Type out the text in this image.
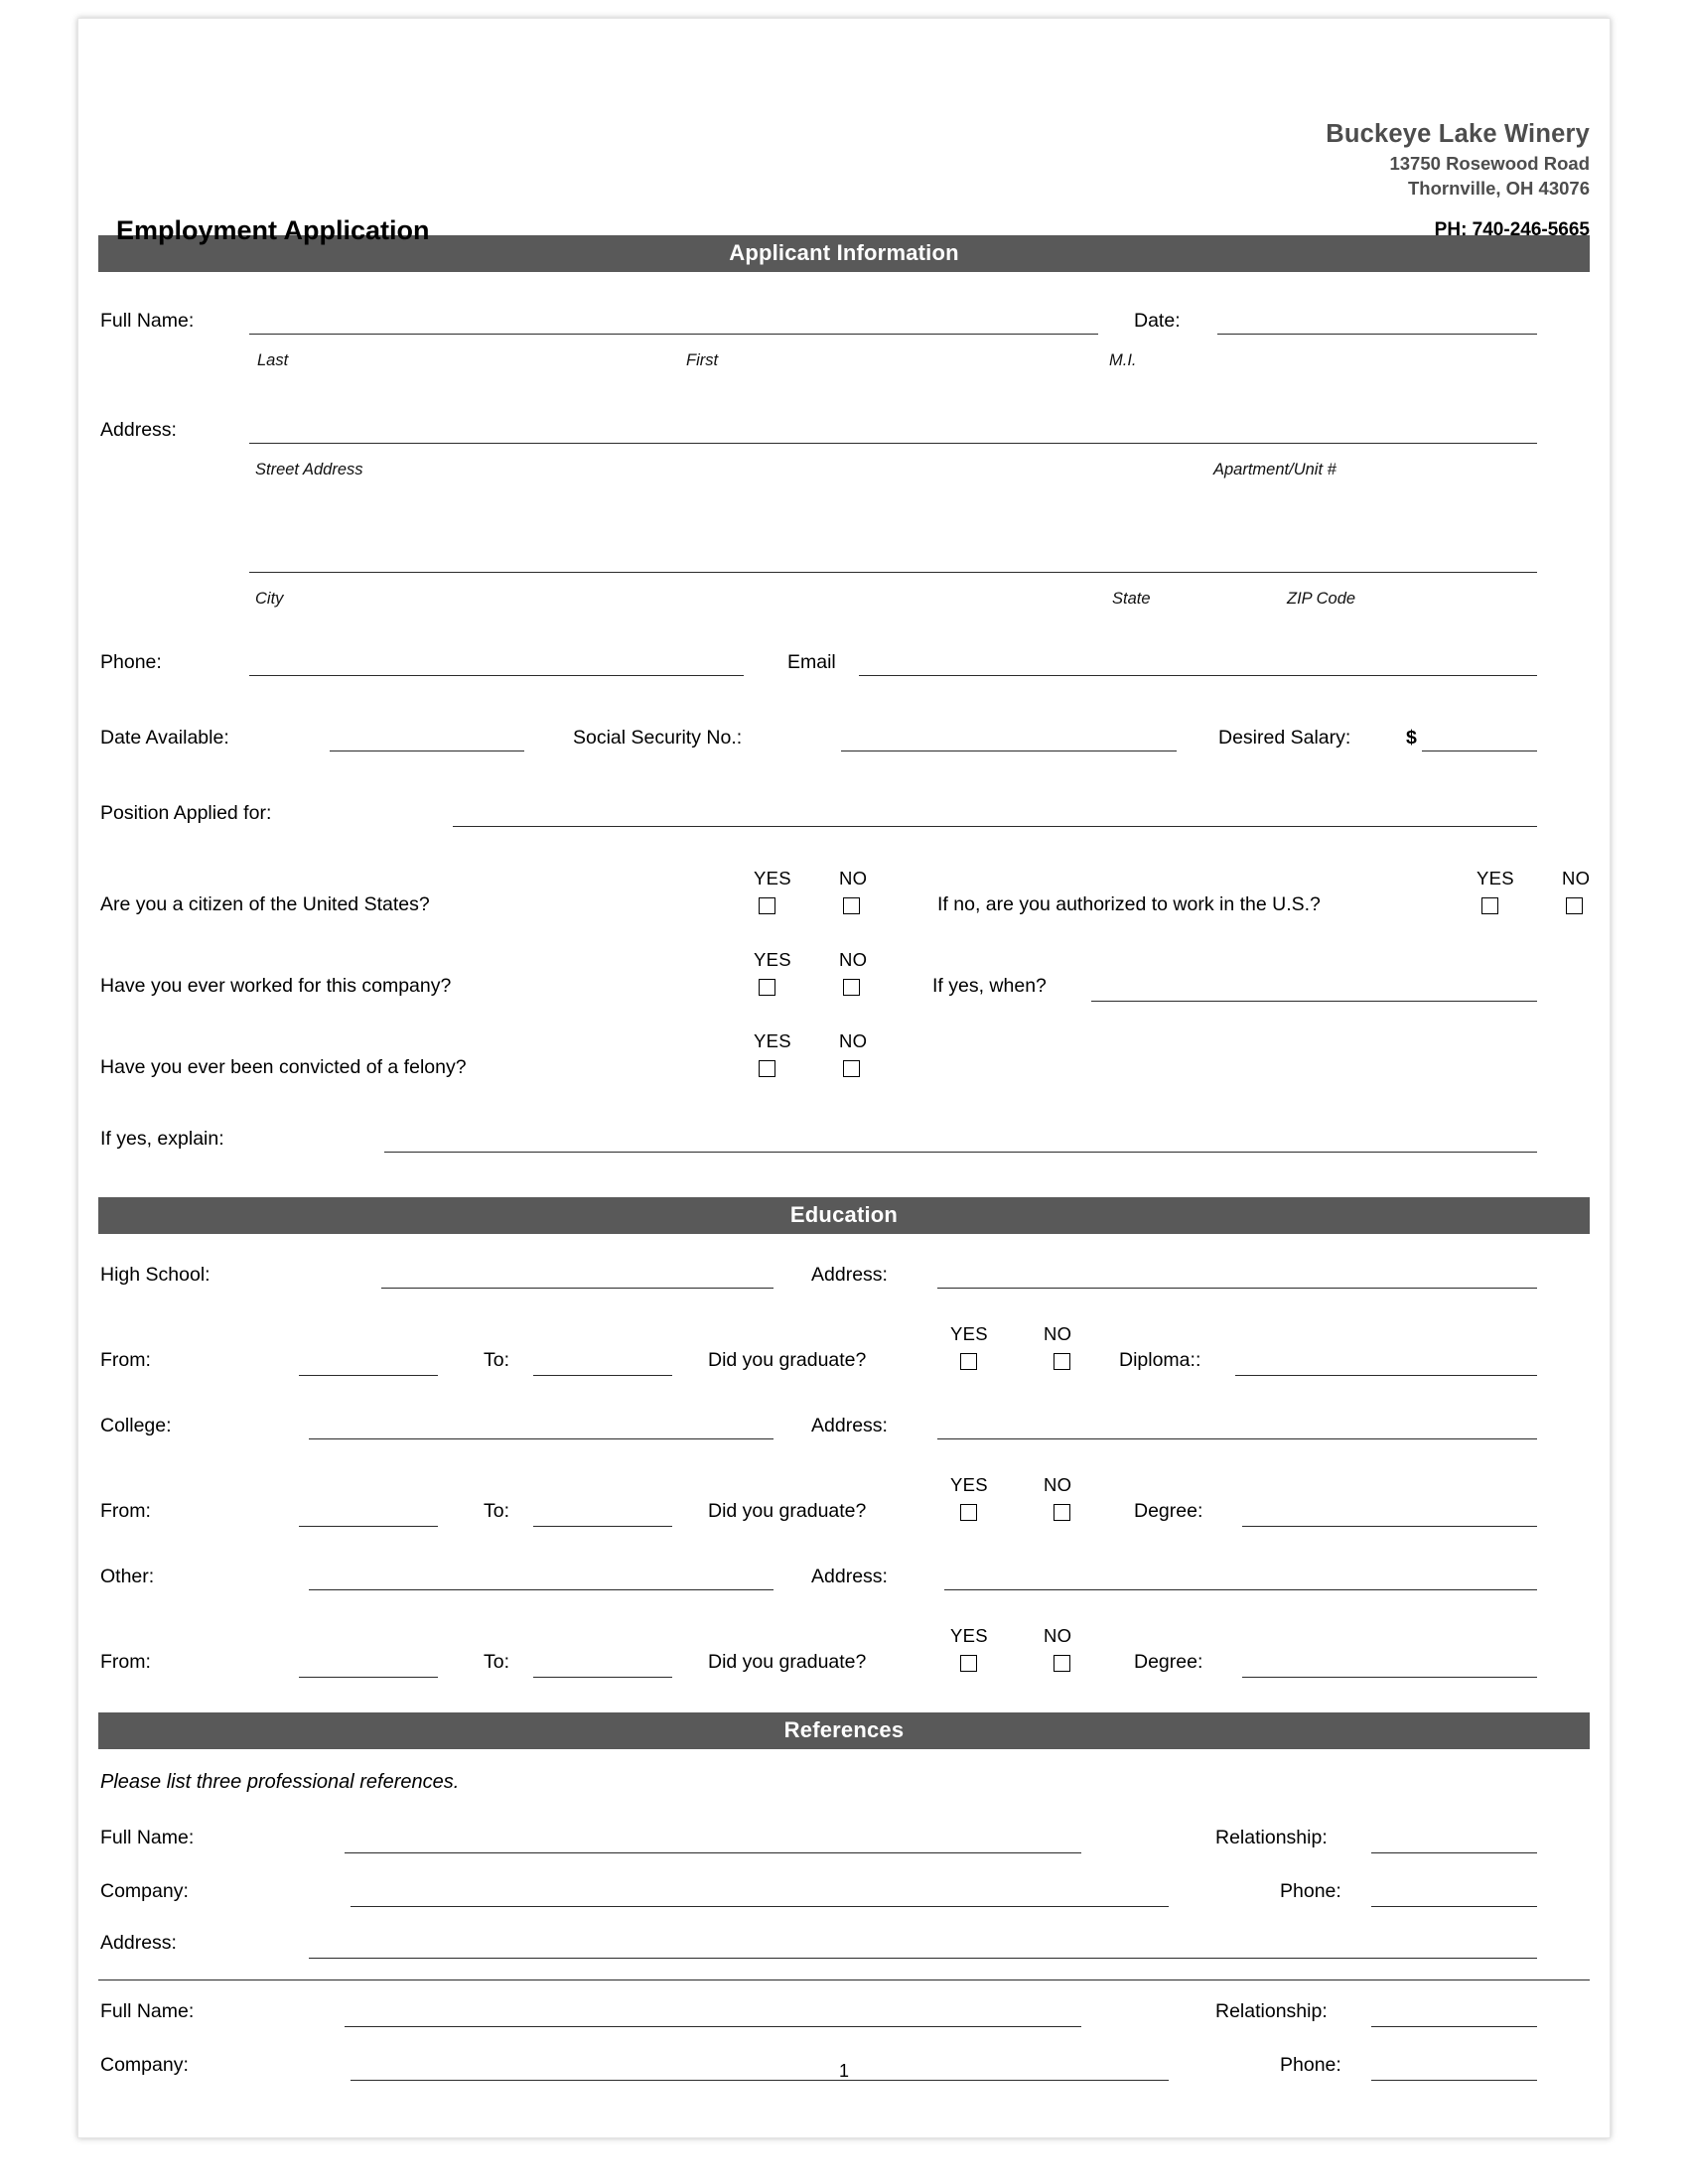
Buckeye Lake Winery
13750 Rosewood Road
Thornville, OH 43076
Employment Application	PH: 740-246-5665
Applicant Information
Full Name:	Date:
Last	First	M.I.
Address:
Street Address	Apartment/Unit #
City	State	ZIP Code
Phone:	Email
Date Available:	Social Security No.:	Desired Salary:	$
Position Applied for:
YES	NO
Are you a citizen of the United States?	If no, are you authorized to work in the U.S.?
YES	NO
YES	NO
Have you ever worked for this company?	If yes, when?
YES	NO
Have you ever been convicted of a felony?
If yes, explain:
Education
High School:	Address:
From:	To:	Did you graduate?
YES	NO
Diploma::
College:	Address:
From:	To:	Did you graduate?
YES	NO
Degree:
Other:	Address:
From:	To:	Did you graduate?
YES	NO
Degree:
References
Please list three professional references.
Full Name:	Relationship:
Company:	Phone:
Address:
Full Name:	Relationship:
Company:	Phone:
1
